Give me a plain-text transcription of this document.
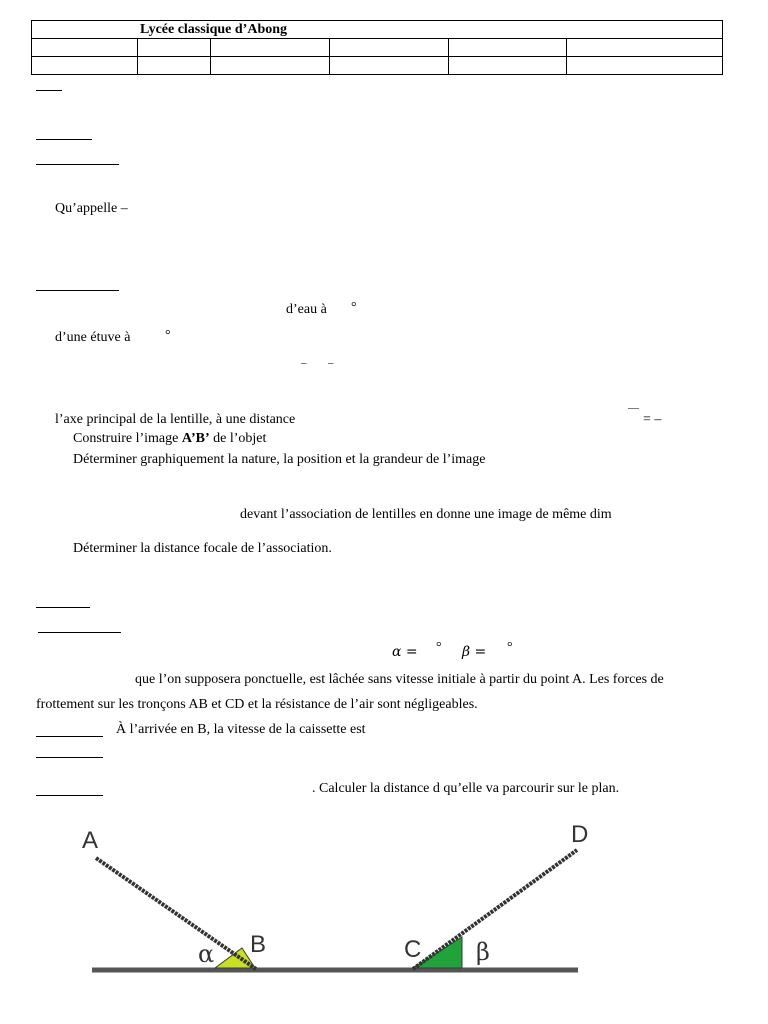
Lycée classique d’Abong					

Qu’appelle –
d’eau à °
d’une étuve à °
– –
l’axe principal de la lentille, à une distance
—
= –
Construire l’image A’B’ de l’objet
Déterminer graphiquement la nature, la position et la grandeur de l’image
devant l’association de lentilles en donne une image de même dim
Déterminer la distance focale de l’association.
α = ° β = °
que l’on supposera ponctuelle, est lâchée sans vitesse initiale à partir du point A. Les forces de
frottement sur les tronçons AB et CD et la résistance de l’air sont négligeables.
À l’arrivée en B, la vitesse de la caissette est
. Calculer la distance d qu’elle va parcourir sur le plan.
A
B	C
D
α	β
